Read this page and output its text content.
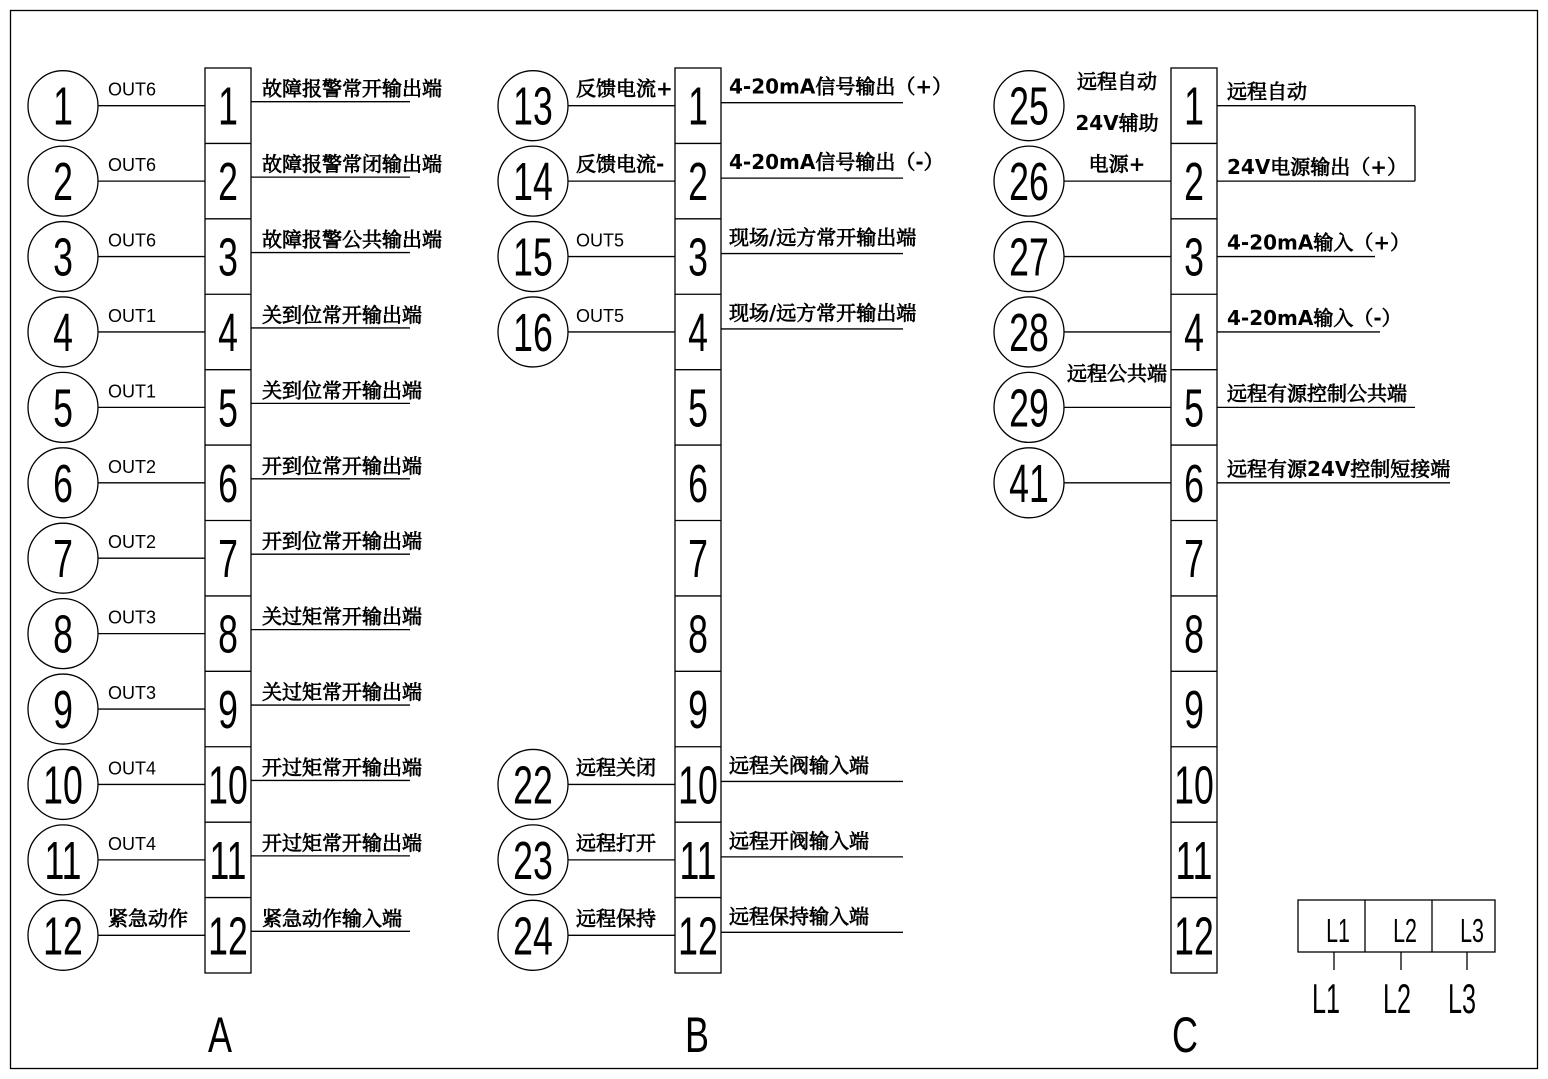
1
2
3
4
5
6
7
8
9
10
11
12
1 OUT6
2 OUT6
3 OUT6
4 OUT1
5 OUT1
6 OUT2
7 OUT2
8 OUT3
9 OUT3
10 OUT4
11 OUT4
12 紧急动作
故障报警常开输出端
故障报警常闭输出端
故障报警公共输出端
关到位常开输出端
关到位常开输出端
开到位常开输出端
开到位常开输出端
关过矩常开输出端
关过矩常开输出端
开过矩常开输出端
开过矩常开输出端
紧急动作输入端
A
1
2
3
4
5
6
7
8
9
10
11
12
13 反馈电流+
14 反馈电流-
15 OUT5
16 OUT5
22 远程关闭
23 远程打开
24 远程保持
4-20mA信号输出（+）
4-20mA信号输出（-）
现场/远方常开输出端
现场/远方常开输出端
远程关阀输入端
远程开阀输入端
远程保持输入端
B
1
2
3
4
5
6
7
8
9
10
11
12
25 远程自动
26
24V辅助
电源+
27
28
29
远程公共端
41
远程自动
24V电源输出（+）
4-20mA输入（+）
4-20mA输入（-）
远程有源控制公共端
远程有源24V控制短接端
C
L1 L2 L3
L1 L2 L3
